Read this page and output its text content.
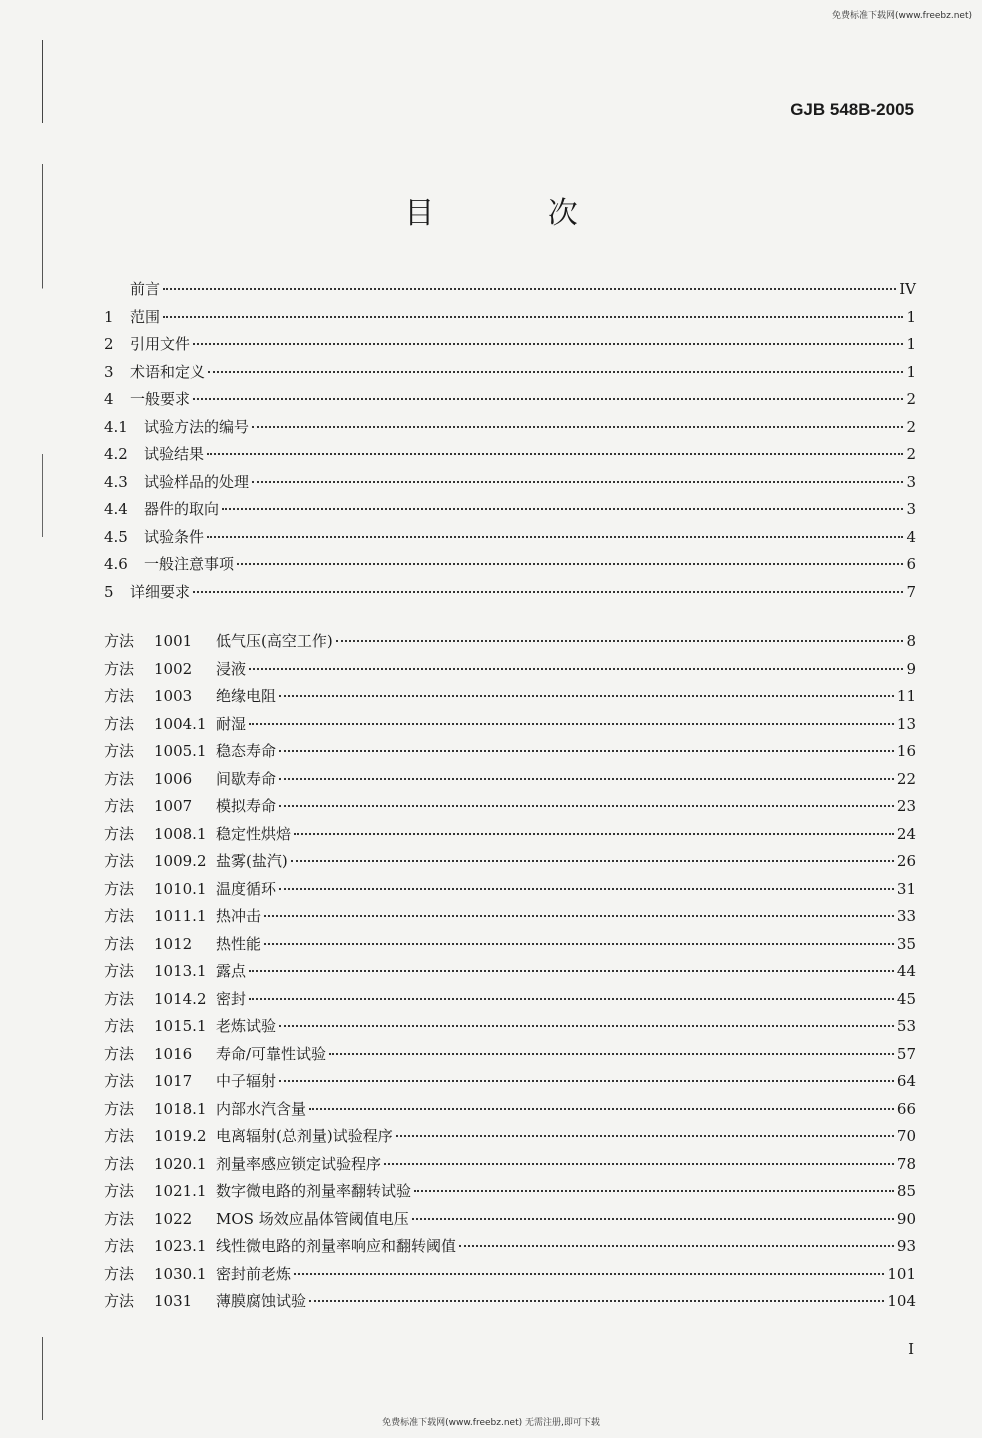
免费标准下载网(www.freebz.net)
GJB 548B-2005
目 次
前言	IV
1	范围	1
2	引用文件	1
3	术语和定义	1
4	一般要求	2
4.1	试验方法的编号	2
4.2	试验结果	2
4.3	试验样品的处理	3
4.4	器件的取向	3
4.5	试验条件	4
4.6	一般注意事项	6
5	详细要求	7
方法	1001	低气压(高空工作)	8
方法	1002	浸液	9
方法	1003	绝缘电阻	11
方法	1004.1 耐湿	13
方法	1005.1 稳态寿命	16
方法	1006	间歇寿命	22
方法	1007	模拟寿命	23
方法	1008.1 稳定性烘焙	24
方法	1009.2 盐雾(盐汽)	26
方法	1010.1 温度循环	31
方法	1011.1 热冲击	33
方法	1012	热性能	35
方法	1013.1 露点	44
方法	1014.2 密封	45
方法	1015.1 老炼试验	53
方法	1016	寿命/可靠性试验	57
方法	1017	中子辐射	64
方法	1018.1 内部水汽含量	66
方法	1019.2 电离辐射(总剂量)试验程序	70
方法	1020.1 剂量率感应锁定试验程序	78
方法	1021.1 数字微电路的剂量率翻转试验	85
方法	1022	MOS 场效应晶体管阈值电压	90
方法	1023.1 线性微电路的剂量率响应和翻转阈值	93
方法	1030.1 密封前老炼	101
方法	1031	薄膜腐蚀试验	104
I
免费标准下载网(www.freebz.net) 无需注册,即可下载
